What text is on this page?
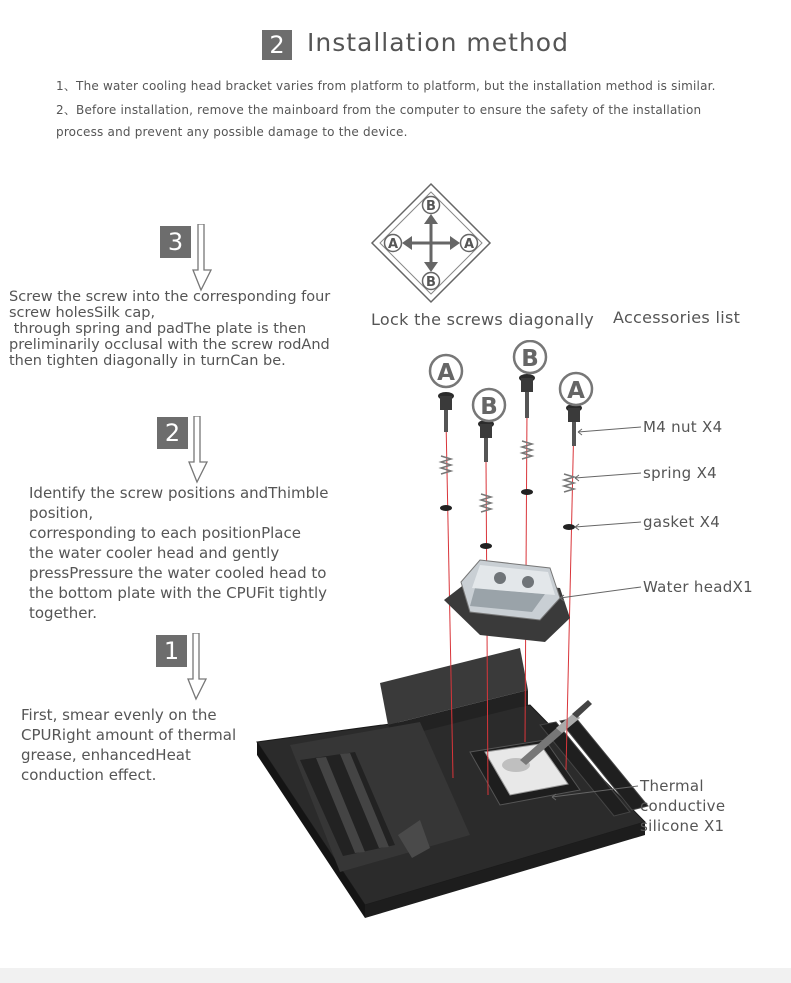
2 Installation method
1、The water cooling head bracket varies from platform to platform, but the installation method is similar.
2、Before installation, remove the mainboard from the computer to ensure the safety of the installation
process and prevent any possible damage to the device.
3
Screw the screw into the corresponding four
screw holesSilk cap,
through spring and padThe plate is then
preliminarily occlusal with the screw rodAnd
then tighten diagonally in turnCan be.
2
Identify the screw positions andThimble
position,
corresponding to each positionPlace
the water cooler head and gently
pressPressure the water cooled head to
the bottom plate with the CPUFit tightly
together.
1
First, smear evenly on the
CPURight amount of thermal
grease, enhancedHeat
conduction effect.
B
A	A
B
Lock the screws diagonally Accessories list
A
B
B
A
M4 nut X4
spring X4
gasket X4
Water headX1
Thermal conductive
silicone X1
